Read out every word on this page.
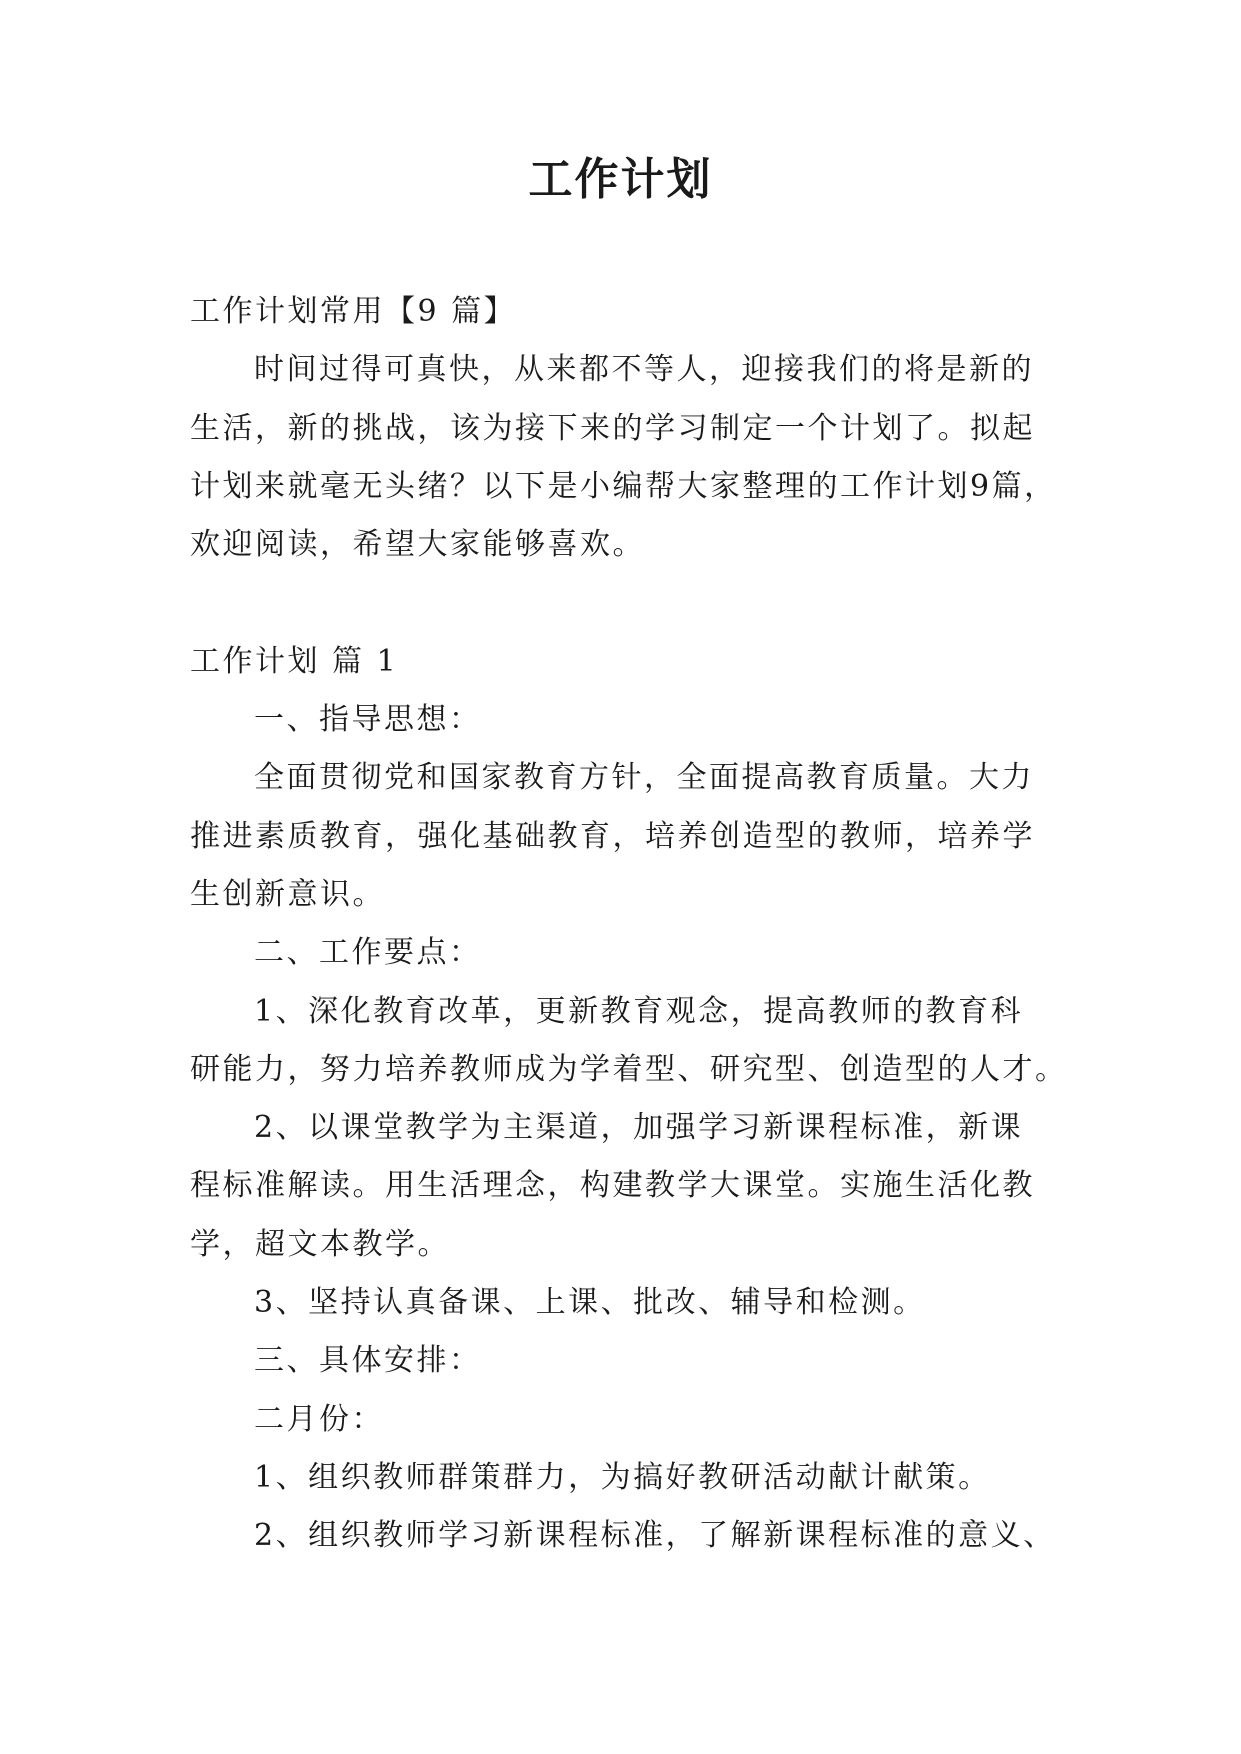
工作计划
工作计划常用【9 篇】
时间过得可真快，从来都不等人，迎接我们的将是新的
生活，新的挑战，该为接下来的学习制定一个计划了。拟起
计划来就毫无头绪？以下是小编帮大家整理的工作计划9篇，
欢迎阅读，希望大家能够喜欢。
工作计划 篇 1
一、指导思想：
全面贯彻党和国家教育方针，全面提高教育质量。大力
推进素质教育，强化基础教育，培养创造型的教师，培养学
生创新意识。
二、工作要点：
1、深化教育改革，更新教育观念，提高教师的教育科
研能力，努力培养教师成为学着型、研究型、创造型的人才。
2、以课堂教学为主渠道，加强学习新课程标准，新课
程标准解读。用生活理念，构建教学大课堂。实施生活化教
学，超文本教学。
3、坚持认真备课、上课、批改、辅导和检测。
三、具体安排：
二月份：
1、组织教师群策群力，为搞好教研活动献计献策。
2、组织教师学习新课程标准，了解新课程标准的意义、
